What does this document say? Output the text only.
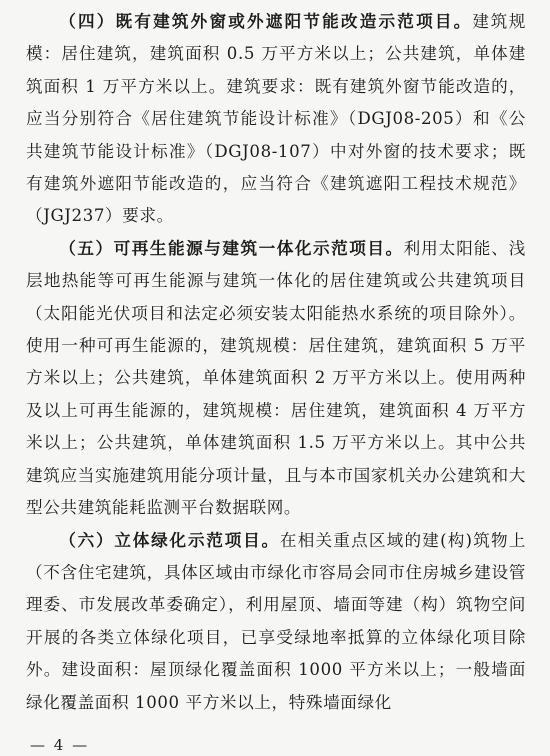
（四）既有建筑外窗或外遮阳节能改造示范项目。建筑规模：居住建筑，建筑面积 0.5 万平方米以上；公共建筑，单体建筑面积 1 万平方米以上。建筑要求：既有建筑外窗节能改造的，应当分别符合《居住建筑节能设计标准》（DGJ08-205）和《公共建筑节能设计标准》（DGJ08-107）中对外窗的技术要求；既有建筑外遮阳节能改造的，应当符合《建筑遮阳工程技术规范》（JGJ237）要求。

（五）可再生能源与建筑一体化示范项目。利用太阳能、浅层地热能等可再生能源与建筑一体化的居住建筑或公共建筑项目（太阳能光伏项目和法定必须安装太阳能热水系统的项目除外）。使用一种可再生能源的，建筑规模：居住建筑，建筑面积 5 万平方米以上；公共建筑，单体建筑面积 2 万平方米以上。使用两种及以上可再生能源的，建筑规模：居住建筑，建筑面积 4 万平方米以上；公共建筑，单体建筑面积 1.5 万平方米以上。其中公共建筑应当实施建筑用能分项计量，且与本市国家机关办公建筑和大型公共建筑能耗监测平台数据联网。

（六）立体绿化示范项目。在相关重点区域的建(构)筑物上（不含住宅建筑，具体区域由市绿化市容局会同市住房城乡建设管理委、市发展改革委确定），利用屋顶、墙面等建（构）筑物空间开展的各类立体绿化项目，已享受绿地率抵算的立体绿化项目除外。建设面积：屋顶绿化覆盖面积 1000 平方米以上；一般墙面绿化覆盖面积 1000 平方米以上，特殊墙面绿化

— 4 —
